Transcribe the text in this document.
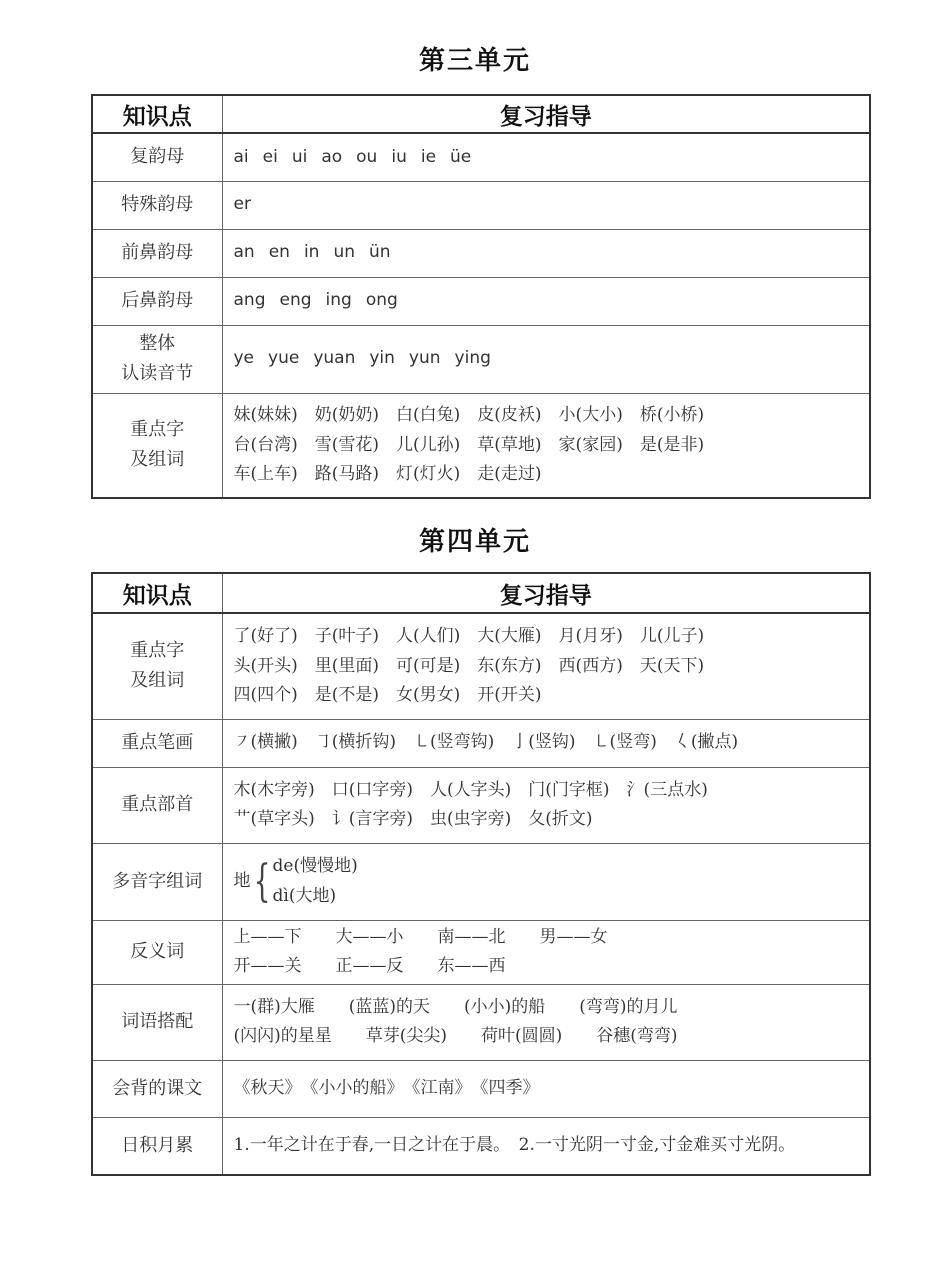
第三单元
知识点	复习指导
复韵母	ai ei ui ao ou iu ie üe
特殊韵母	er
前鼻韵母	an en in un ün
后鼻韵母	ang eng ing ong

整体
认读音节	ye yue yuan yin yun ying

重点字
及组词	妹(妹妹)　奶(奶奶)　白(白兔)　皮(皮袄)　小(大小)　桥(小桥)
台(台湾)　雪(雪花)　儿(儿孙)　草(草地)　家(家园)　是(是非)
车(上车)　路(马路)　灯(灯火)　走(走过)
第四单元
知识点	复习指导

重点字
及组词	了(好了)　子(叶子)　人(人们)　大(大雁)　月(月牙)　儿(儿子)
头(开头)　里(里面)　可(可是)　东(东方)　西(西方)　天(天下)
四(四个)　是(不是)　女(男女)　开(开关)

重点笔画	㇇(横撇)　㇆(横折钩)　㇄(竖弯钩)　亅(竖钩)　㇄(竖弯)　𡿨(撇点)

重点部首	木(木字旁)　口(口字旁)　人(人字头)　门(门字框)　氵(三点水)
艹(草字头)　讠(言字旁)　虫(虫字旁)　夂(折文)

多音字组词	地 { de(慢慢地)
dì(大地)

反义词	上——下　　大——小　　南——北　　男——女
开——关　　正——反　　东——西

词语搭配	一(群)大雁　　(蓝蓝)的天　　(小小)的船　　(弯弯)的月儿
(闪闪)的星星　　草芽(尖尖)　　荷叶(圆圆)　　谷穗(弯弯)

会背的课文	《秋天》　《小小的船》　《江南》　《四季》

日积月累	1.一年之计在于春,一日之计在于晨。　2.一寸光阴一寸金,寸金难买寸光阴。
